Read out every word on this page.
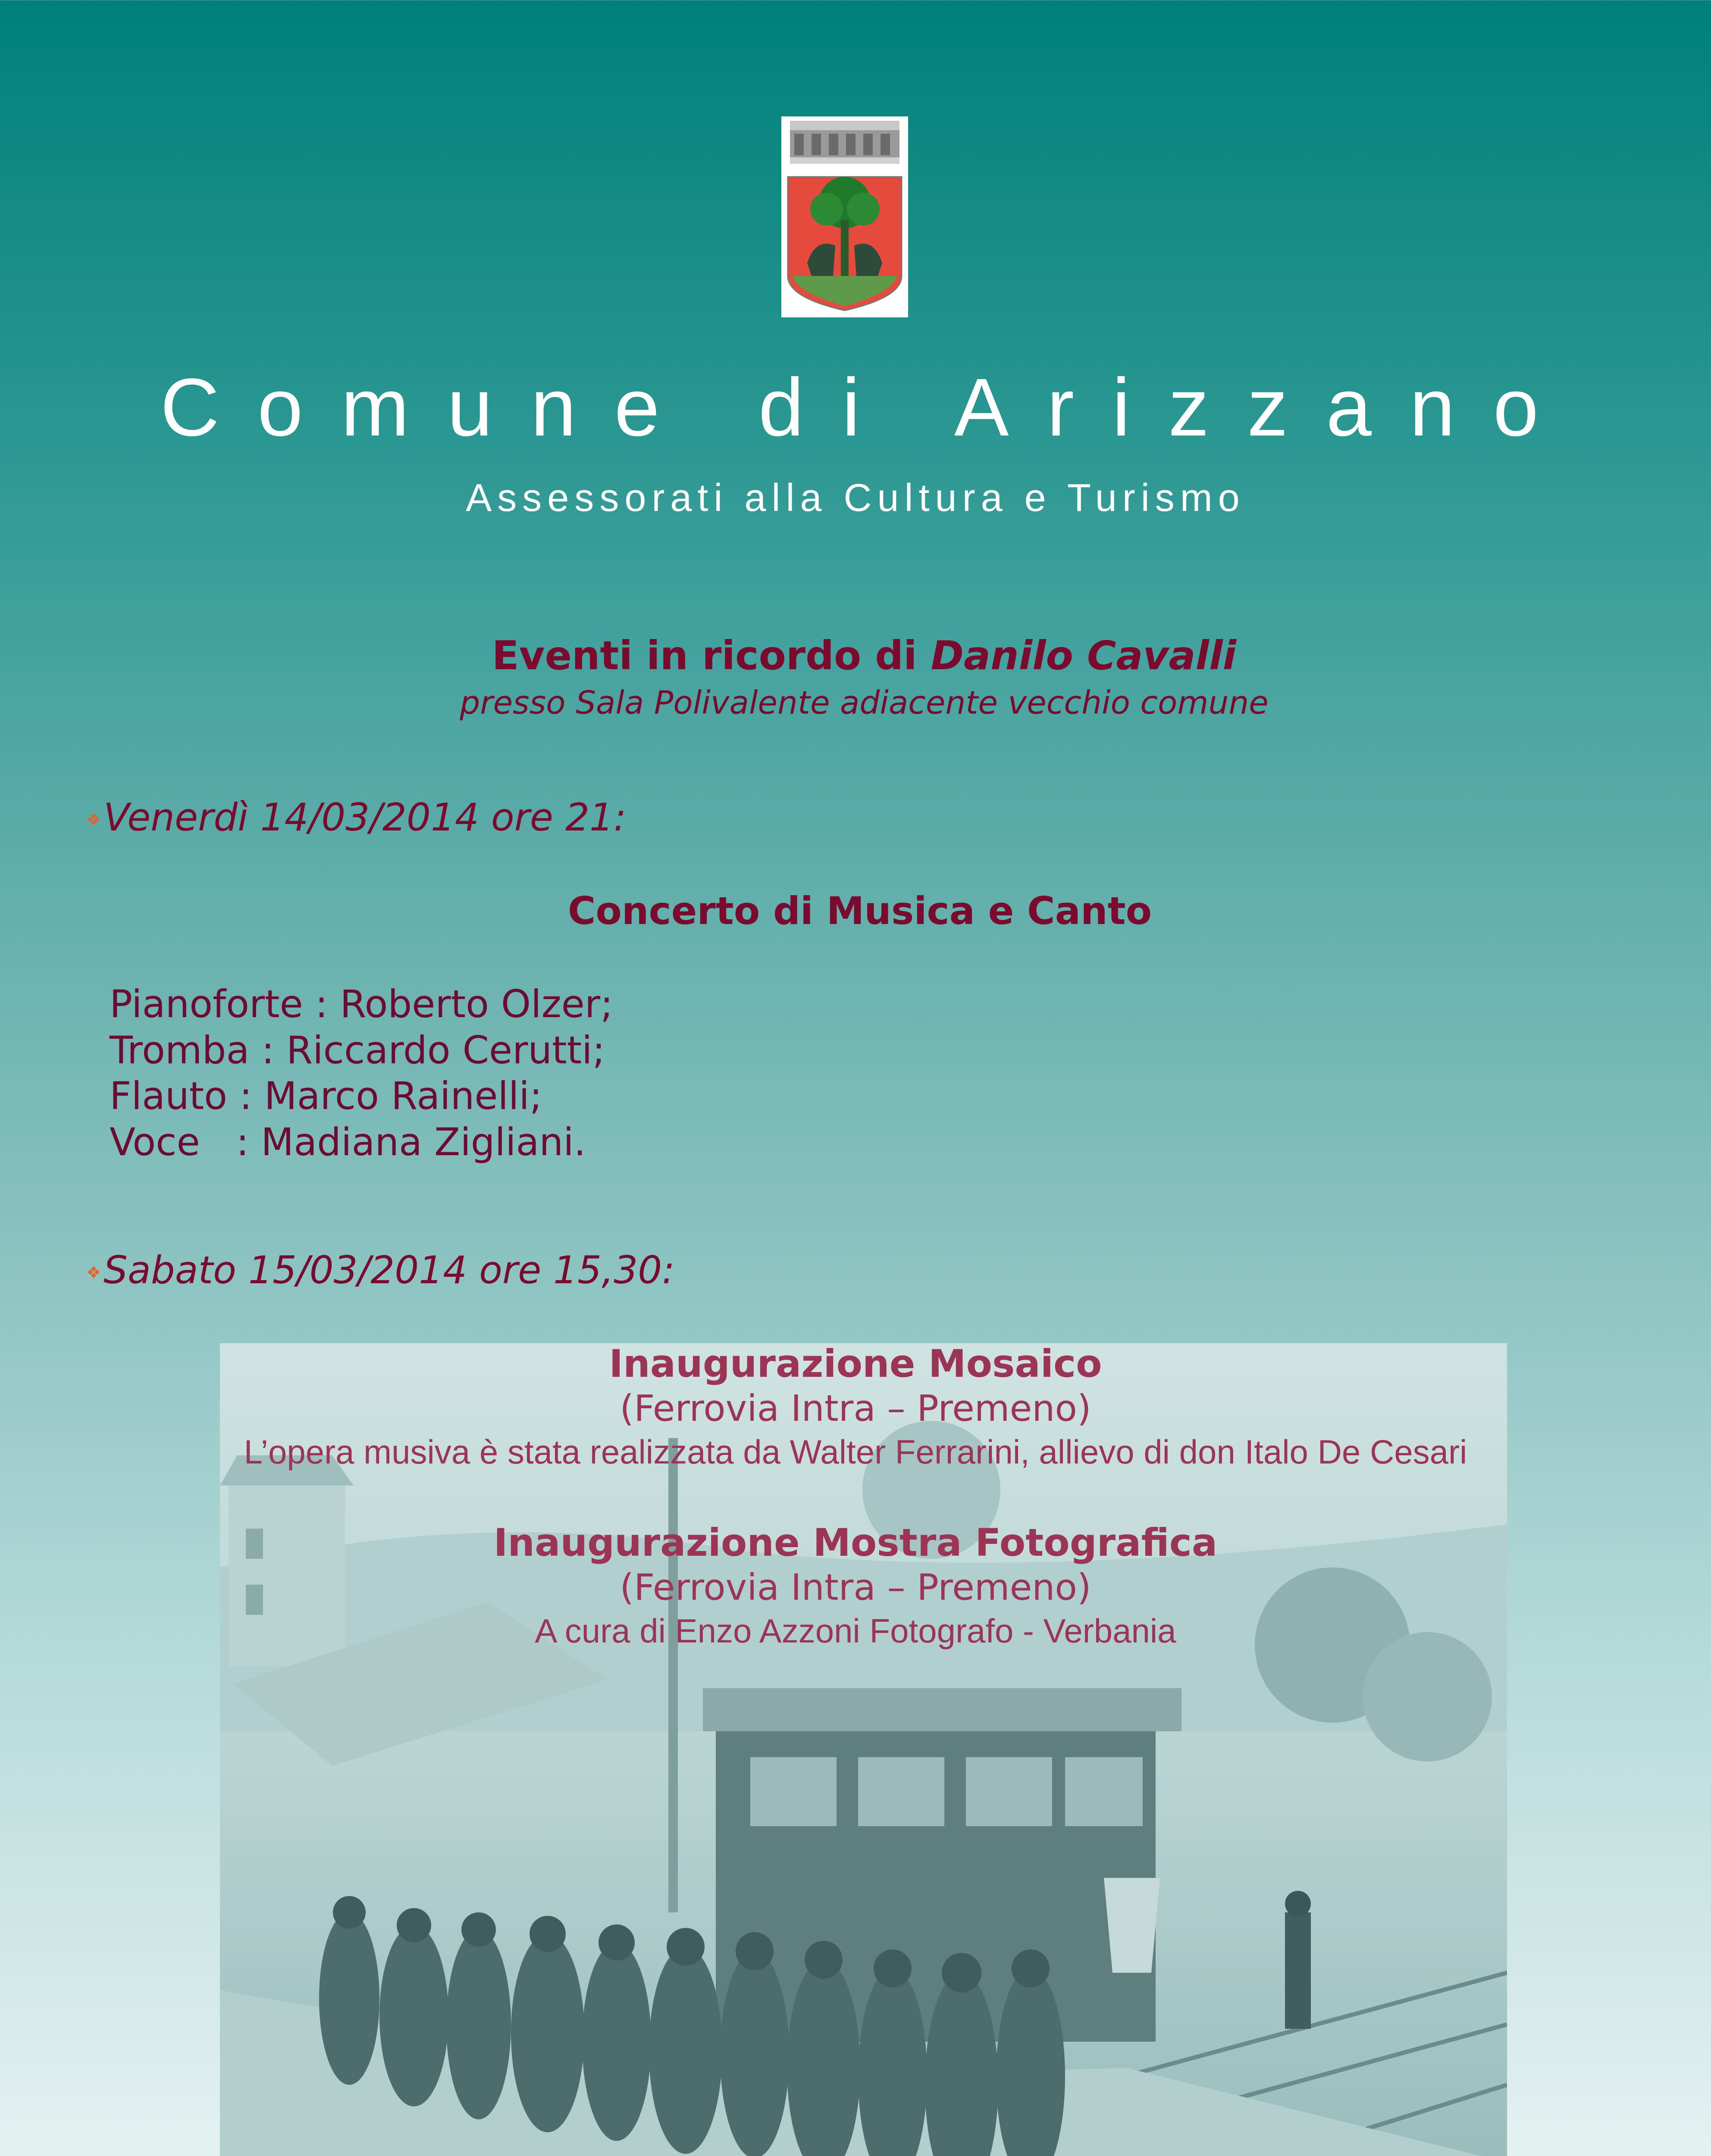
Comune di Arizzano
Assessorati alla Cultura e Turismo
Eventi in ricordo di Danilo Cavalli
presso Sala Polivalente adiacente vecchio comune
❖Venerdì 14/03/2014 ore 21:
Concerto di Musica e Canto
Pianoforte : Roberto Olzer;
Tromba : Riccardo Cerutti;
Flauto : Marco Rainelli;
Voce   : Madiana Zigliani.
❖Sabato 15/03/2014 ore 15,30:
Inaugurazione Mosaico
(Ferrovia Intra – Premeno)
L’opera musiva è stata realizzata da Walter Ferrarini, allievo di don Italo De Cesari
Inaugurazione Mostra Fotografica
(Ferrovia Intra – Premeno)
A cura di Enzo Azzoni Fotografo - Verbania
